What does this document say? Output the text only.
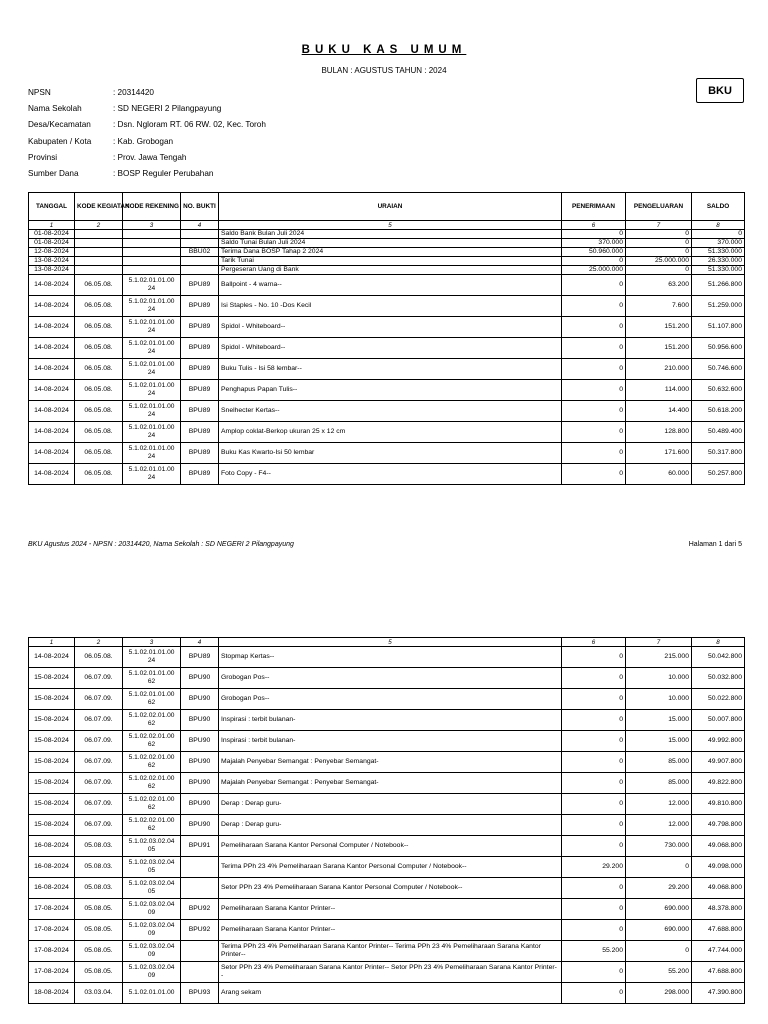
BUKU KAS UMUM
BULAN : AGUSTUS TAHUN : 2024
BKU
NPSN	: 20314420
Nama Sekolah	: SD NEGERI 2 Pilangpayung
Desa/Kecamatan	: Dsn. Ngloram RT. 06 RW. 02, Kec. Toroh
Kabupaten / Kota	: Kab. Grobogan
Provinsi	: Prov. Jawa Tengah
Sumber Dana	: BOSP Reguler Perubahan
TANGGAL	KODE KEGIATAN	KODE REKENING	NO. BUKTI	URAIAN	PENERIMAAN	PENGELUARAN	SALDO
1	2	3	4	5	6	7	8
01-08-2024				Saldo Bank Bulan Juli 2024	0	0	0
01-08-2024				Saldo Tunai Bulan Juli 2024	370.000	0	370.000
12-08-2024			BBU02	Terima Dana BOSP Tahap 2 2024	50.960.000	0	51.330.000
13-08-2024				Tarik Tunai	0	25.000.000	26.330.000
13-08-2024				Pergeseran Uang di Bank	25.000.000	0	51.330.000
14-08-2024	06.05.08.	5.1.02.01.01.00 24	BPU89	Ballpoint - 4 warna--	0	63.200	51.266.800
14-08-2024	06.05.08.	5.1.02.01.01.00 24	BPU89	Isi Staples - No. 10 -Dos Kecil	0	7.600	51.259.000
14-08-2024	06.05.08.	5.1.02.01.01.00 24	BPU89	Spidol - Whiteboard--	0	151.200	51.107.800
14-08-2024	06.05.08.	5.1.02.01.01.00 24	BPU89	Spidol - Whiteboard--	0	151.200	50.956.600
14-08-2024	06.05.08.	5.1.02.01.01.00 24	BPU89	Buku Tulis - Isi 58 lembar--	0	210.000	50.746.600
14-08-2024	06.05.08.	5.1.02.01.01.00 24	BPU89	Penghapus Papan Tulis--	0	114.000	50.632.600
14-08-2024	06.05.08.	5.1.02.01.01.00 24	BPU89	Snelhecter Kertas--	0	14.400	50.618.200
14-08-2024	06.05.08.	5.1.02.01.01.00 24	BPU89	Amplop coklat-Berkop ukuran 25 x 12 cm	0	128.800	50.489.400
14-08-2024	06.05.08.	5.1.02.01.01.00 24	BPU89	Buku Kas Kwarto-Isi 50 lembar	0	171.600	50.317.800
14-08-2024	06.05.08.	5.1.02.01.01.00 24	BPU89	Foto Copy - F4--	0	60.000	50.257.800
BKU Agustus 2024 - NPSN : 20314420, Nama Sekolah : SD NEGERI 2 Pilangpayung	Halaman 1 dari 5
1	2	3	4	5	6	7	8
14-08-2024	06.05.08.	5.1.02.01.01.00 24	BPU89	Stopmap Kertas--	0	215.000	50.042.800
15-08-2024	06.07.09.	5.1.02.01.01.00 62	BPU90	Grobogan Pos--	0	10.000	50.032.800
15-08-2024	06.07.09.	5.1.02.01.01.00 62	BPU90	Grobogan Pos--	0	10.000	50.022.800
15-08-2024	06.07.09.	5.1.02.02.01.00 62	BPU90	Inspirasi : terbit bulanan-	0	15.000	50.007.800
15-08-2024	06.07.09.	5.1.02.02.01.00 62	BPU90	Inspirasi : terbit bulanan-	0	15.000	49.992.800
15-08-2024	06.07.09.	5.1.02.02.01.00 62	BPU90	Majalah Penyebar Semangat : Penyebar Semangat-	0	85.000	49.907.800
15-08-2024	06.07.09.	5.1.02.02.01.00 62	BPU90	Majalah Penyebar Semangat : Penyebar Semangat-	0	85.000	49.822.800
15-08-2024	06.07.09.	5.1.02.02.01.00 62	BPU90	Derap : Derap guru-	0	12.000	49.810.800
15-08-2024	06.07.09.	5.1.02.02.01.00 62	BPU90	Derap : Derap guru-	0	12.000	49.798.800
16-08-2024	05.08.03.	5.1.02.03.02.04 05	BPU91	Pemeliharaan Sarana Kantor Personal Computer / Notebook--	0	730.000	49.068.800
16-08-2024	05.08.03.	5.1.02.03.02.04 05		Terima PPh 23 4% Pemeliharaan Sarana Kantor Personal Computer / Notebook--	29.200	0	49.098.000
16-08-2024	05.08.03.	5.1.02.03.02.04 05		Setor PPh 23 4% Pemeliharaan Sarana Kantor Personal Computer / Notebook--	0	29.200	49.068.800
17-08-2024	05.08.05.	5.1.02.03.02.04 09	BPU92	Pemeliharaan Sarana Kantor Printer--	0	690.000	48.378.800
17-08-2024	05.08.05.	5.1.02.03.02.04 09	BPU92	Pemeliharaan Sarana Kantor Printer--	0	690.000	47.688.800
17-08-2024	05.08.05.	5.1.02.03.02.04 09		Terima PPh 23 4% Pemeliharaan Sarana Kantor Printer-- Terima PPh 23 4% Pemeliharaan Sarana Kantor Printer--	55.200	0	47.744.000
17-08-2024	05.08.05.	5.1.02.03.02.04 09		Setor PPh 23 4% Pemeliharaan Sarana Kantor Printer-- Setor PPh 23 4% Pemeliharaan Sarana Kantor Printer--	0	55.200	47.688.800
18-08-2024	03.03.04.	5.1.02.01.01.00	BPU93	Arang sekam	0	298.000	47.390.800
